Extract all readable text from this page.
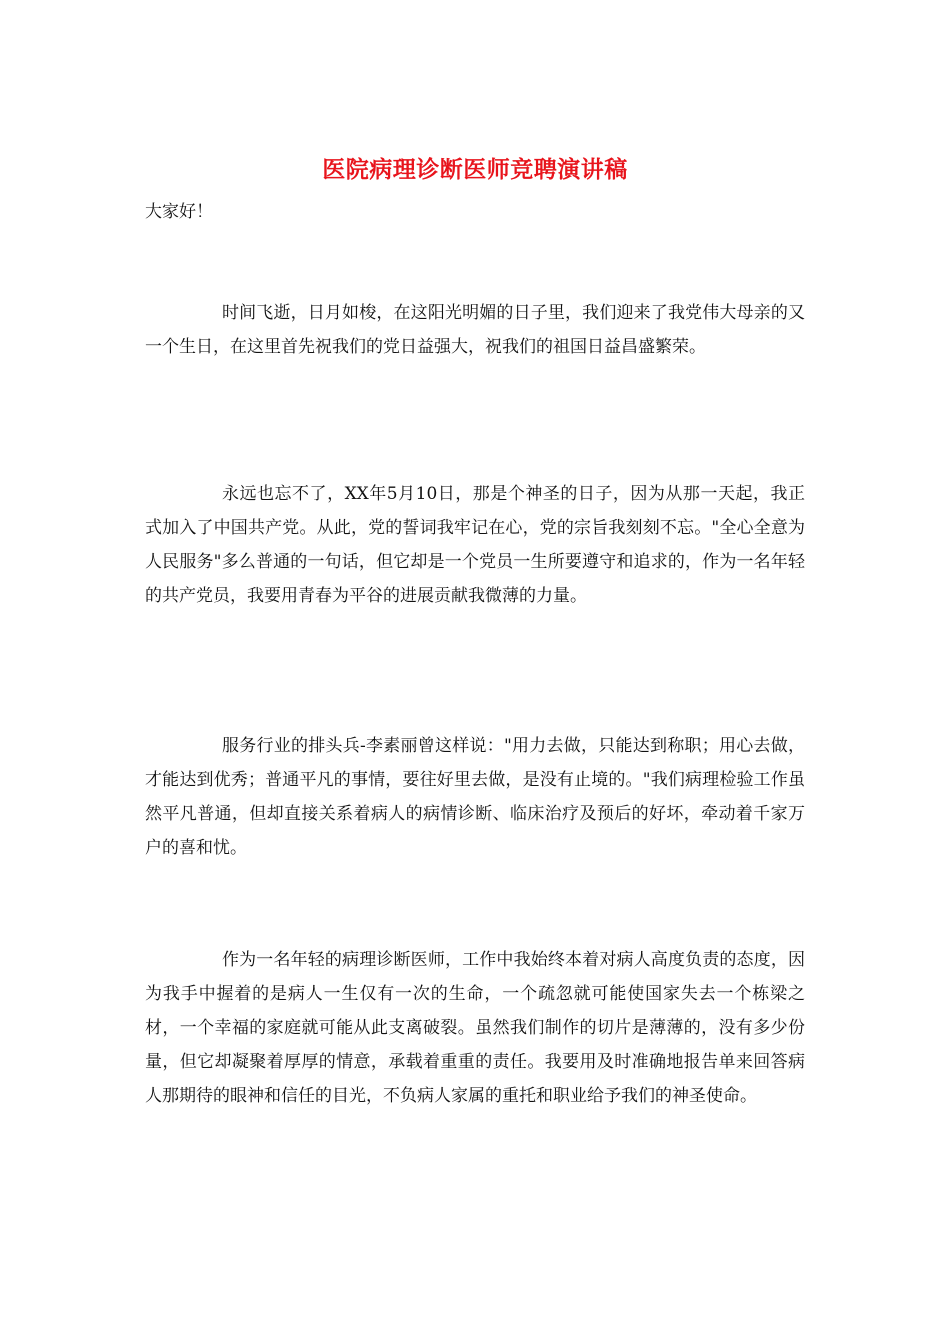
医院病理诊断医师竞聘演讲稿
大家好！

时间飞逝，日月如梭，在这阳光明媚的日子里，我们迎来了我党伟大母亲的又一个生日，在这里首先祝我们的党日益强大，祝我们的祖国日益昌盛繁荣。

永远也忘不了，XX年5月10日，那是个神圣的日子，因为从那一天起，我正式加入了中国共产党。从此，党的誓词我牢记在心，党的宗旨我刻刻不忘。"全心全意为人民服务"多么普通的一句话，但它却是一个党员一生所要遵守和追求的，作为一名年轻的共产党员，我要用青春为平谷的进展贡献我微薄的力量。

服务行业的排头兵-李素丽曾这样说："用力去做，只能达到称职；用心去做，才能达到优秀；普通平凡的事情，要往好里去做，是没有止境的。"我们病理检验工作虽然平凡普通，但却直接关系着病人的病情诊断、临床治疗及预后的好坏，牵动着千家万户的喜和忧。

作为一名年轻的病理诊断医师，工作中我始终本着对病人高度负责的态度，因为我手中握着的是病人一生仅有一次的生命，一个疏忽就可能使国家失去一个栋梁之材，一个幸福的家庭就可能从此支离破裂。虽然我们制作的切片是薄薄的，没有多少份量，但它却凝聚着厚厚的情意，承载着重重的责任。我要用及时准确地报告单来回答病人那期待的眼神和信任的目光，不负病人家属的重托和职业给予我们的神圣使命。
